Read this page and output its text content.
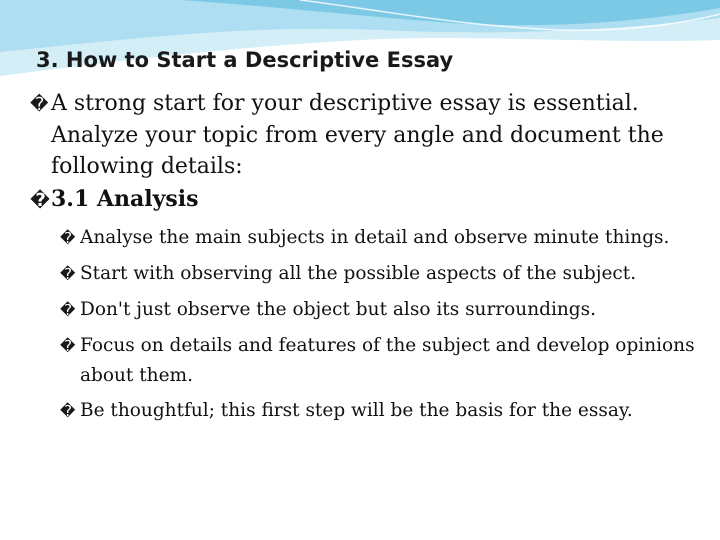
3. How to Start a Descriptive Essay

� A strong start for your descriptive essay is essential. Analyze your topic from every angle and document the following details:

�3.1 Analysis

� Analyse the main subjects in detail and observe minute things.

� Start with observing all the possible aspects of the subject.

� Don't just observe the object but also its surroundings.

� Focus on details and features of the subject and develop opinions about them.

� Be thoughtful; this first step will be the basis for the essay.
